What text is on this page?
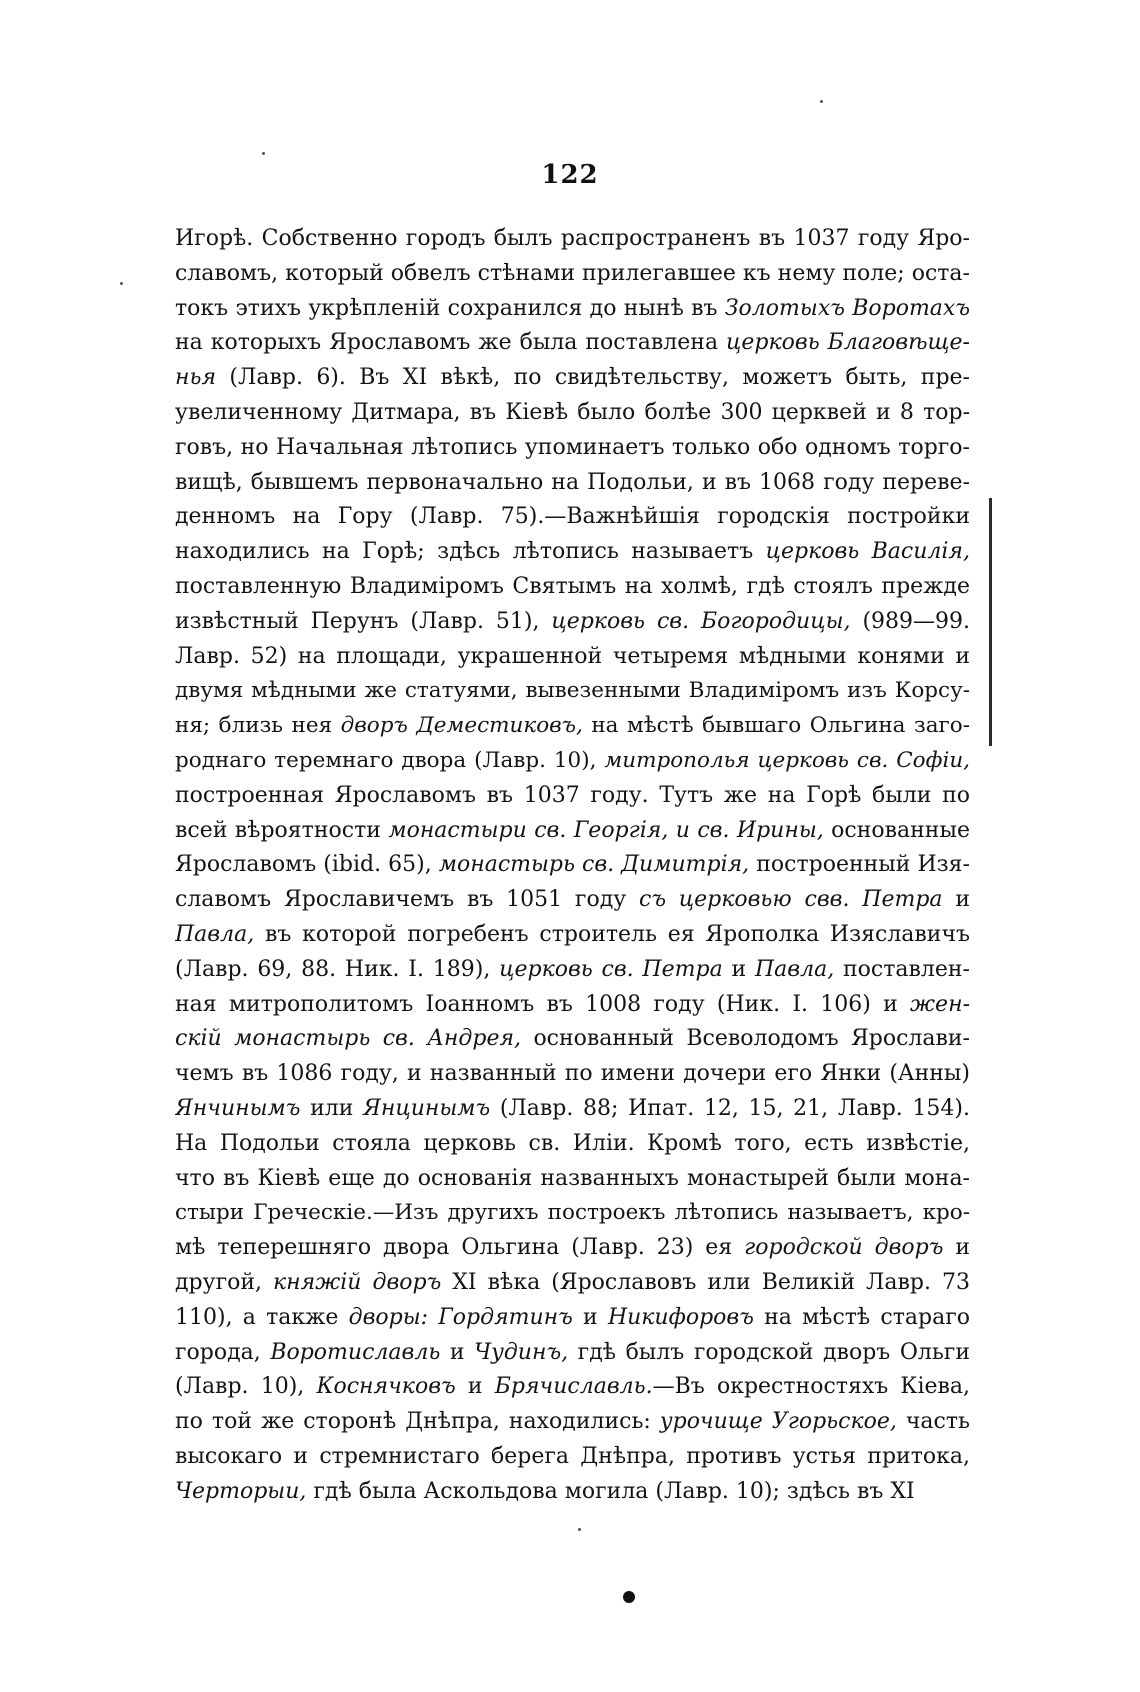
122
Игорѣ. Собственно городъ былъ распространенъ въ 1037 году Яро-
славомъ, который обвелъ стѣнами прилегавшее къ нему поле; оста-
токъ этихъ укрѣпленій сохранился до нынѣ въ Золотыхъ Воротахъ
на которыхъ Ярославомъ же была поставлена церковь Благовѣще-
нья (Лавр. 6). Въ XI вѣкѣ, по свидѣтельству, можетъ быть, пре-
увеличенному Дитмара, въ Кіевѣ было болѣе 300 церквей и 8 тор-
говъ, но Начальная лѣтопись упоминаетъ только обо одномъ торго-
вищѣ, бывшемъ первоначально на Подольи, и въ 1068 году переве-
денномъ на Гору (Лавр. 75).—Важнѣйшія городскія постройки
находились на Горѣ; здѣсь лѣтопись называетъ церковь Василія,
поставленную Владиміромъ Святымъ на холмѣ, гдѣ стоялъ прежде
извѣстный Перунъ (Лавр. 51), церковь св. Богородицы, (989—99.
Лавр. 52) на площади, украшенной четыремя мѣдными конями и
двумя мѣдными же статуями, вывезенными Владиміромъ изъ Корсу-
ня; близь нея дворъ Деместиковъ, на мѣстѣ бывшаго Ольгина заго-
роднаго теремнаго двора (Лавр. 10), митрополья церковь св. Софіи,
построенная Ярославомъ въ 1037 году. Тутъ же на Горѣ были по
всей вѣроятности монастыри св. Георгія, и св. Ирины, основанные
Ярославомъ (ibid. 65), монастырь св. Димитрія, построенный Изя-
славомъ Ярославичемъ въ 1051 году съ церковью свв. Петра и
Павла, въ которой погребенъ строитель ея Ярополка Изяславичъ
(Лавр. 69, 88. Ник. I. 189), церковь св. Петра и Павла, поставлен-
ная митрополитомъ Іоанномъ въ 1008 году (Ник. I. 106) и жен-
скій монастырь св. Андрея, основанный Всеволодомъ Ярослави-
чемъ въ 1086 году, и названный по имени дочери его Янки (Анны)
Янчинымъ или Янцинымъ (Лавр. 88; Ипат. 12, 15, 21, Лавр. 154).
На Подольи стояла церковь св. Иліи. Кромѣ того, есть извѣстіе,
что въ Кіевѣ еще до основанія названныхъ монастырей были мона-
стыри Греческіе.—Изъ другихъ построекъ лѣтопись называетъ, кро-
мѣ теперешняго двора Ольгина (Лавр. 23) ея городской дворъ и
другой, княжій дворъ XI вѣка (Ярославовъ или Великій Лавр. 73
110), а также дворы: Гордятинъ и Никифоровъ на мѣстѣ стараго
города, Воротиславль и Чудинъ, гдѣ былъ городской дворъ Ольги
(Лавр. 10), Коснячковъ и Брячиславль.—Въ окрестностяхъ Кіева,
по той же сторонѣ Днѣпра, находились: урочище Угорьское, часть
высокаго и стремнистаго берега Днѣпра, противъ устья притока,
Черторыи, гдѣ была Аскольдова могила (Лавр. 10); здѣсь въ XI
